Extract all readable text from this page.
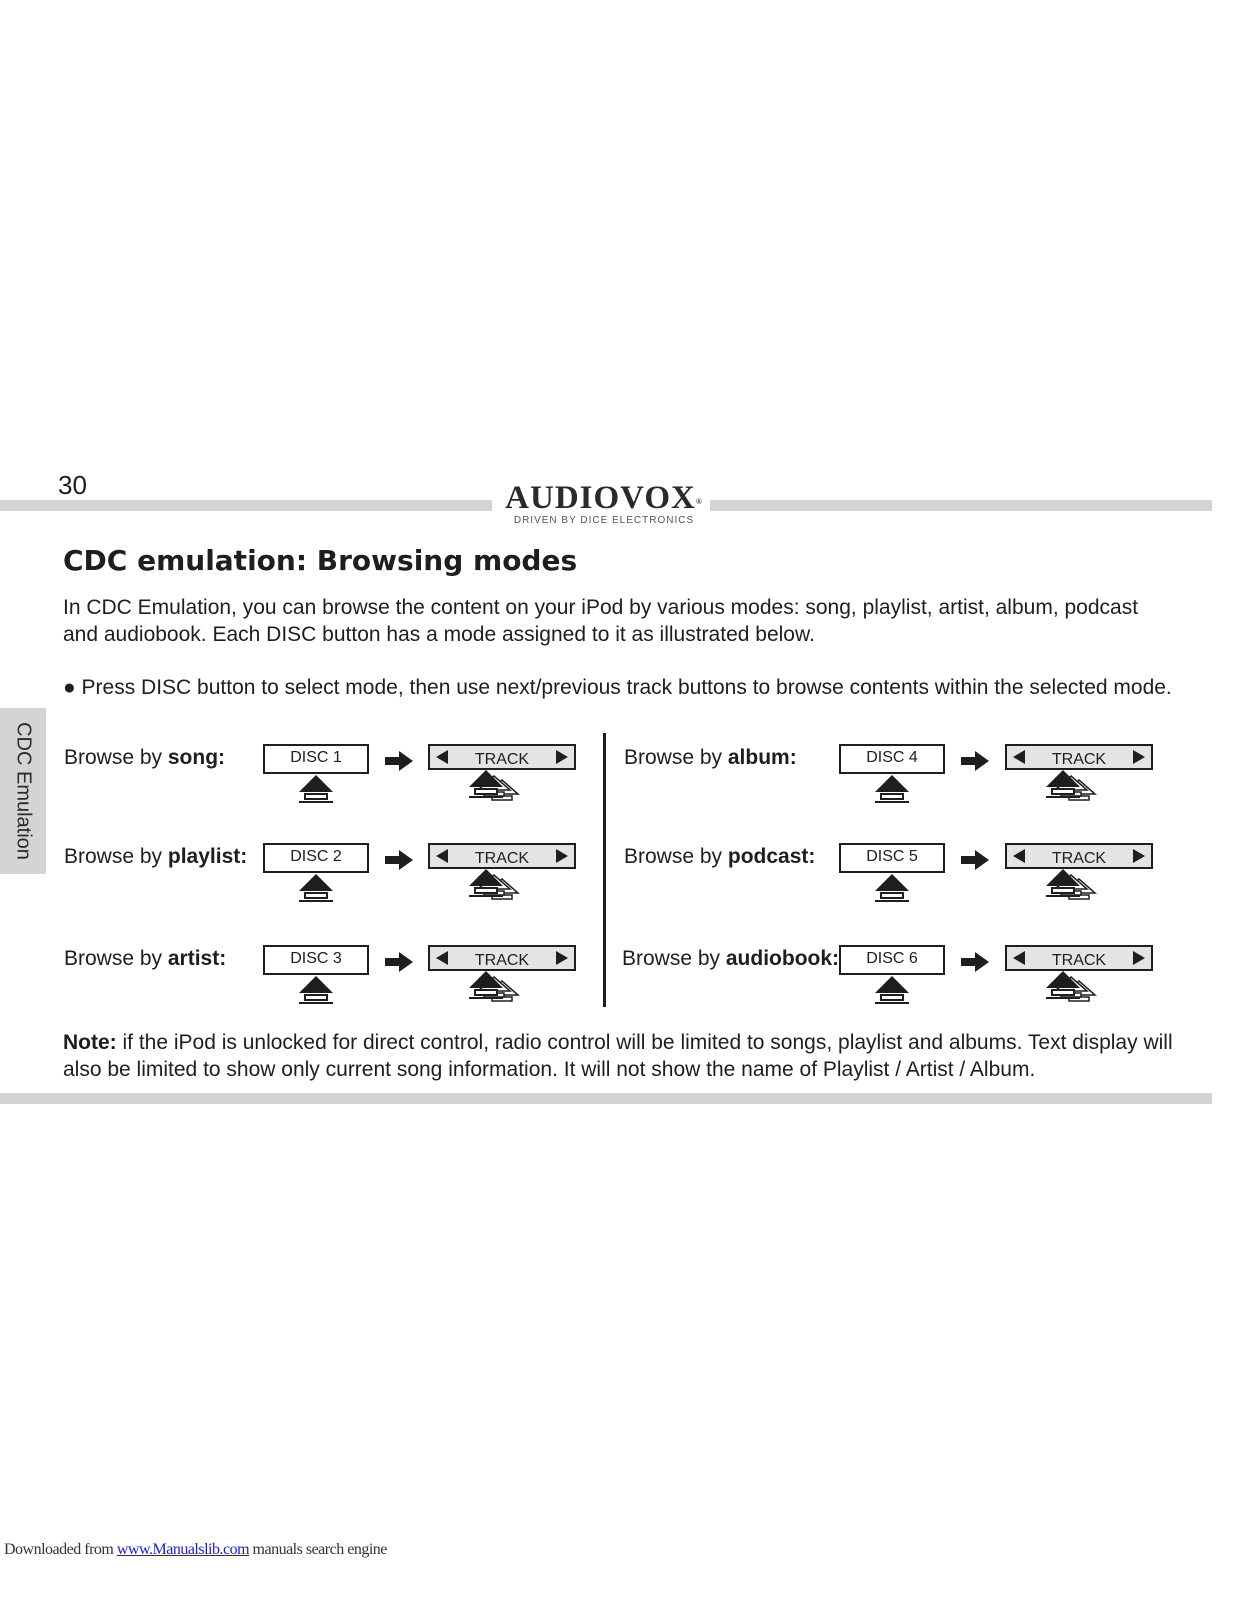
30	AUDIOVOX®
DRIVEN BY DICE ELECTRONICS
CDC emulation: Browsing modes
In CDC Emulation, you can browse the content on your iPod by various modes: song, playlist, artist, album, podcast and audiobook. Each DISC button has a mode assigned to it as illustrated below.
● Press DISC button to select mode, then use next/previous track buttons to browse contents within the selected mode.
CDC Emulation Browse by song:	DISC 1	TRACK
Browse by playlist:	DISC 2	TRACK
Browse by artist:	DISC 3	TRACK
Browse by album:	DISC 4	TRACK
Browse by podcast:	DISC 5	TRACK
Browse by audiobook:	DISC 6	TRACK
Note: if the iPod is unlocked for direct control, radio control will be limited to songs, playlist and albums. Text display will also be limited to show only current song information. It will not show the name of Playlist / Artist / Album.
Downloaded from www.Manualslib.com manuals search engine
